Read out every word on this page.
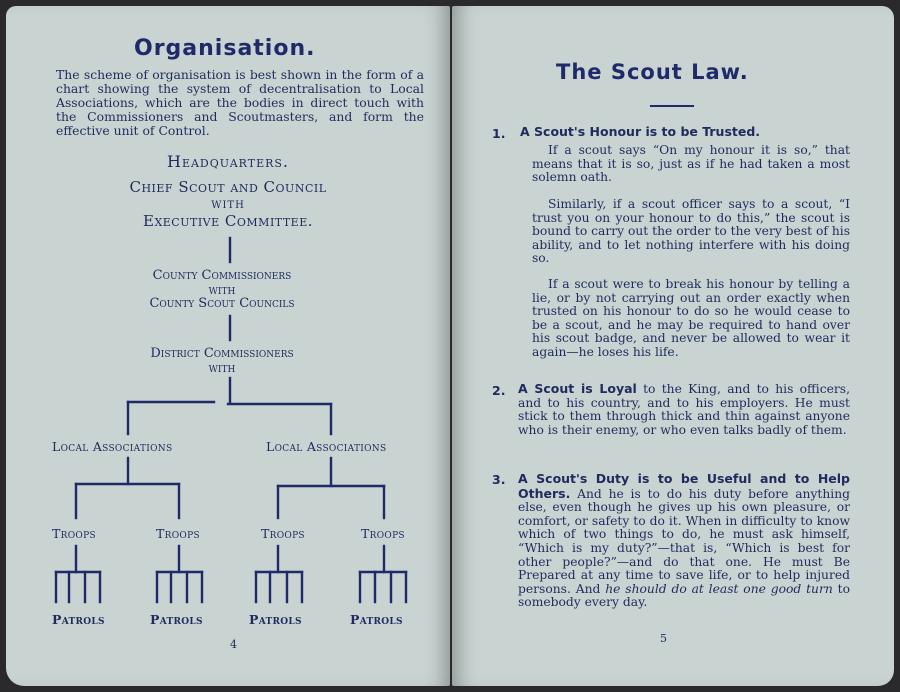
Organisation.
The scheme of organisation is best shown in the form of a chart showing the system of decentralisation to Local Associations, which are the bodies in direct touch with the Commissioners and Scoutmasters, and form the effective unit of Control.
Headquarters.
Chief Scout and Council
with
Executive Committee.
County Commissioners
with
County Scout Councils
District Commissioners
with
Local Associations	Local Associations
Troops	Troops	Troops	Troops
Patrols	Patrols	Patrols	Patrols
4
The Scout Law.
1. A Scout's Honour is to be Trusted.
If a scout says “On my honour it is so,” that means that it is so, just as if he had taken a most solemn oath.
Similarly, if a scout officer says to a scout, “I trust you on your honour to do this,” the scout is bound to carry out the order to the very best of his ability, and to let nothing interfere with his doing so.
If a scout were to break his honour by telling a lie, or by not carrying out an order exactly when trusted on his honour to do so he would cease to be a scout, and he may be required to hand over his scout badge, and never be allowed to wear it again—he loses his life.
2. A Scout is Loyal to the King, and to his officers, and to his country, and to his employers. He must stick to them through thick and thin against anyone who is their enemy, or who even talks badly of them.
3. A Scout's Duty is to be Useful and to Help Others. And he is to do his duty before anything else, even though he gives up his own pleasure, or comfort, or safety to do it. When in difficulty to know which of two things to do, he must ask himself, “Which is my duty?”—that is, “Which is best for other people?”—and do that one. He must Be Prepared at any time to save life, or to help injured persons. And he should do at least one good turn to somebody every day.
5
